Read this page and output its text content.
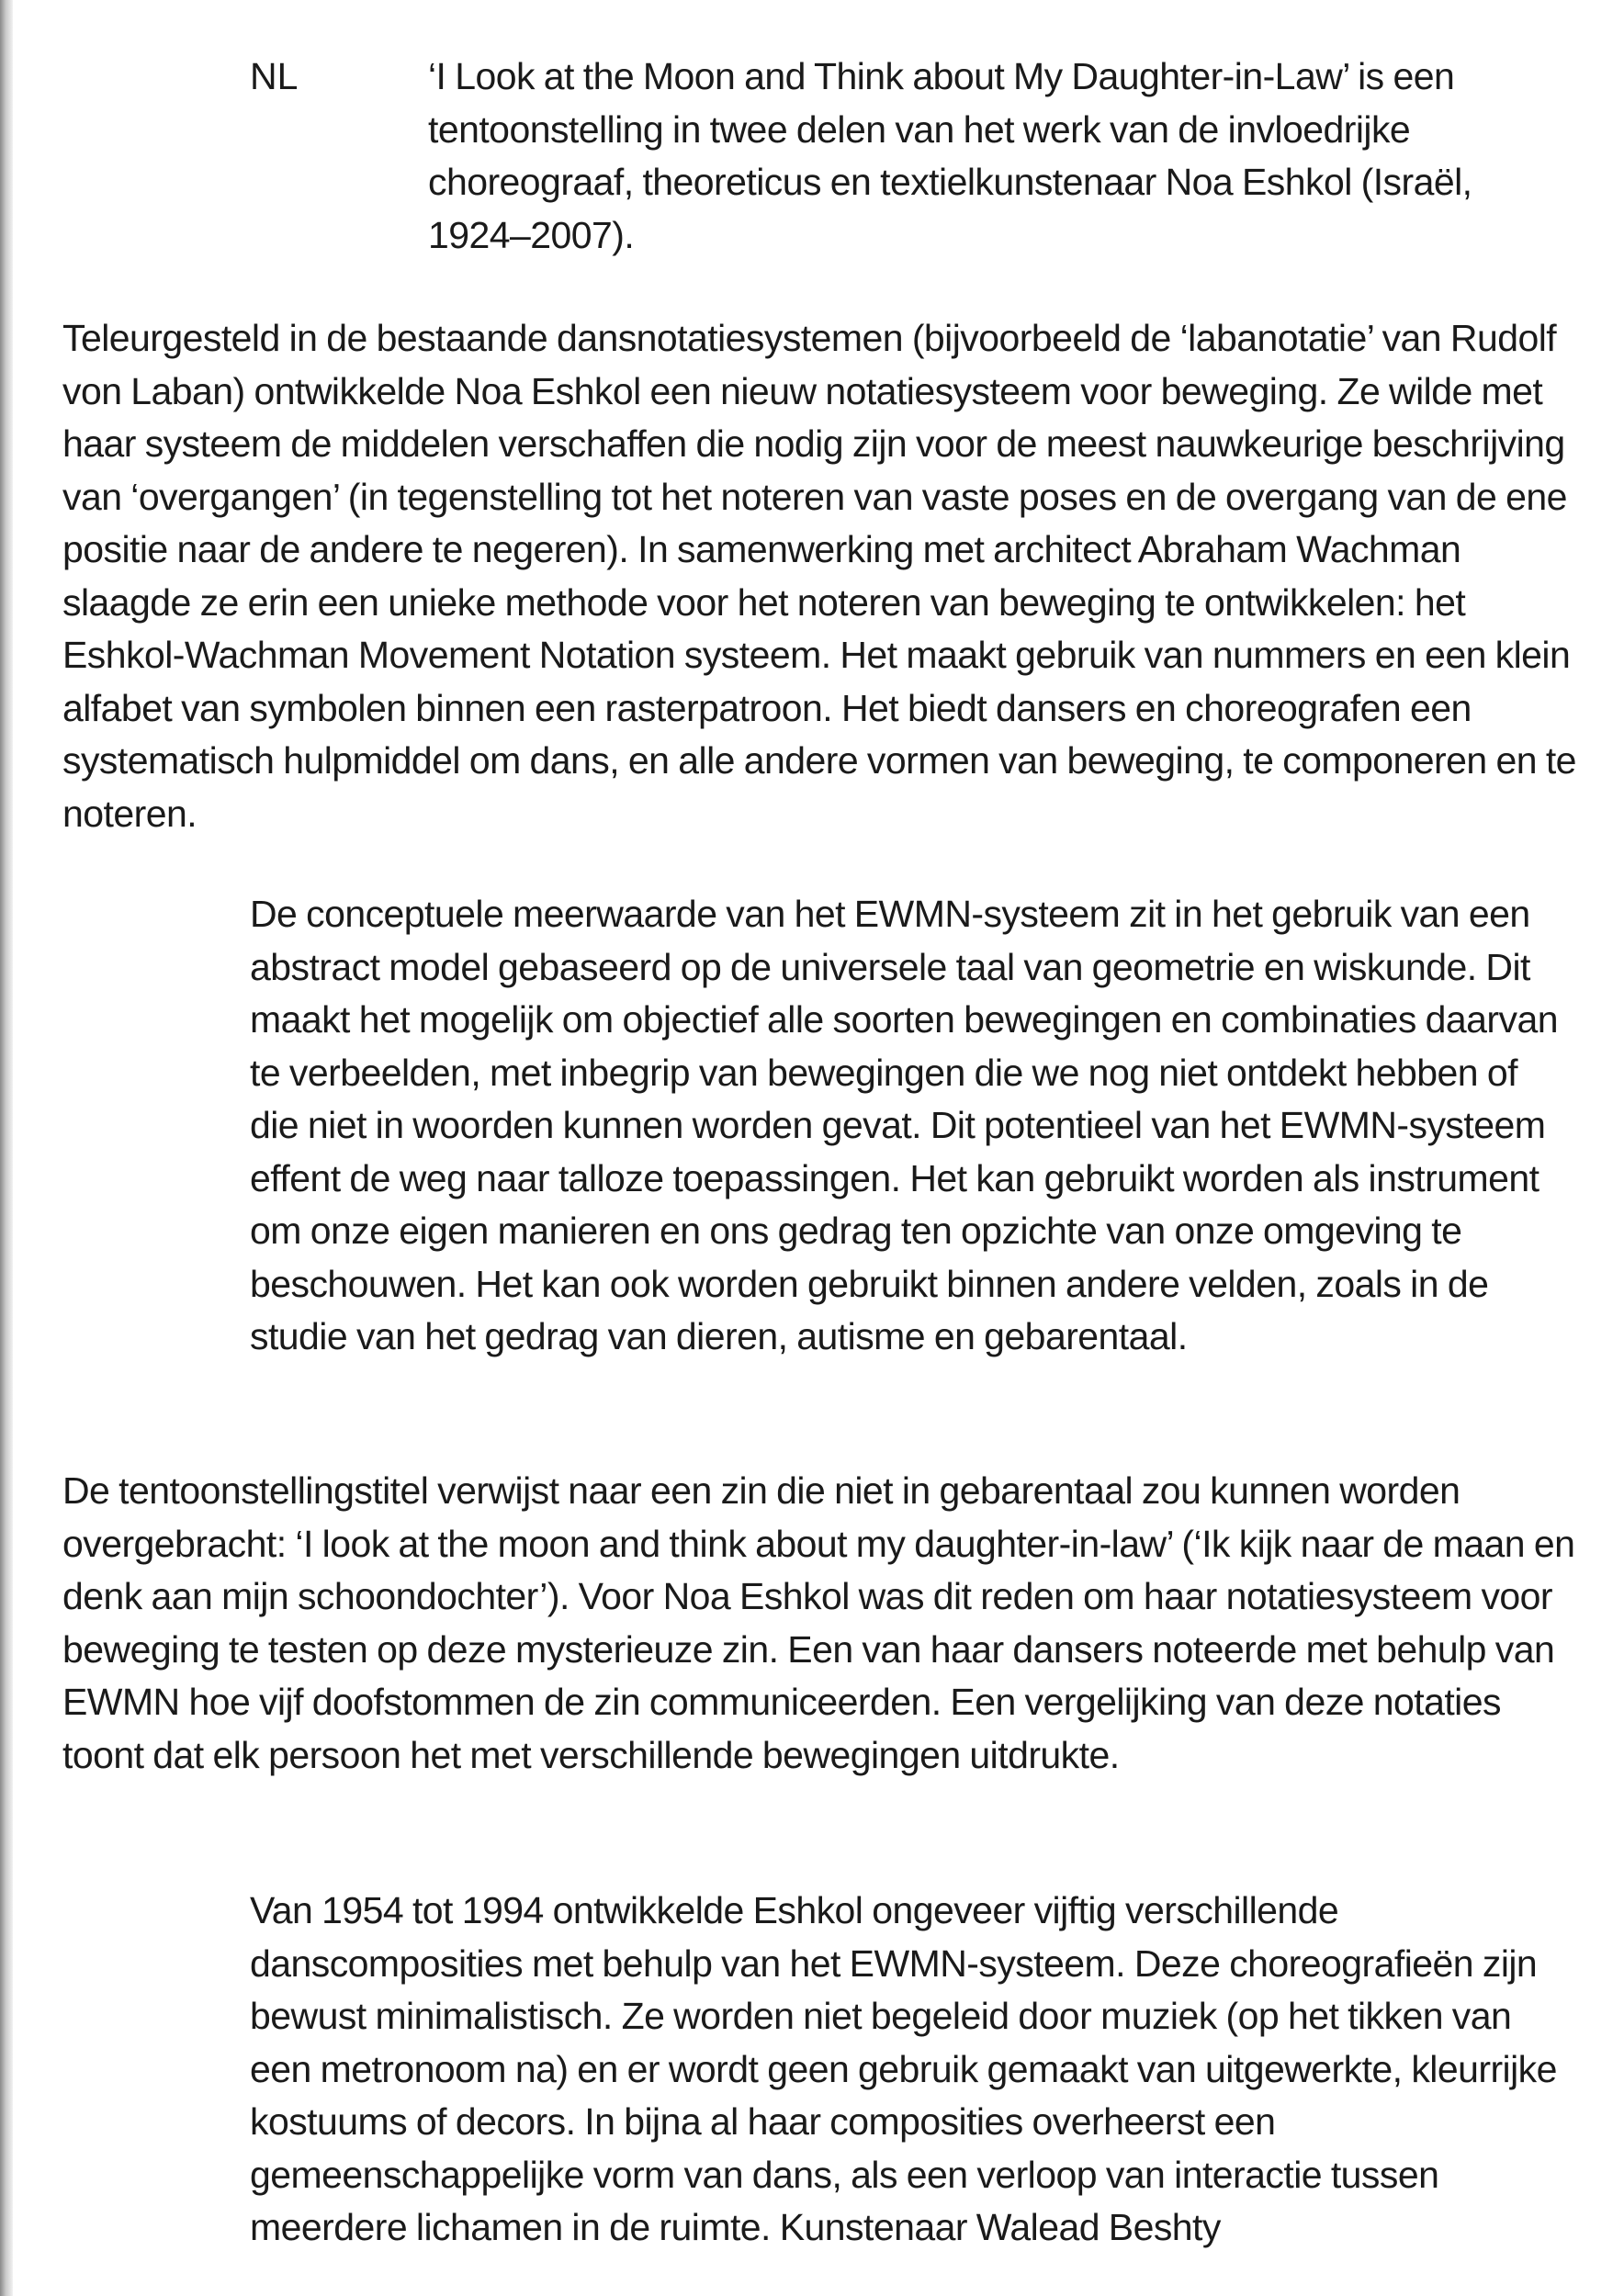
NL	‘I Look at the Moon and Think about My Daughter-in-Law’ is een tentoonstelling in twee delen van het werk van de invloedrijke choreograaf, theoreticus en textielkunstenaar Noa Eshkol (Israël, 1924–2007).

Teleurgesteld in de bestaande dansnotatiesystemen (bijvoorbeeld de ‘labanotatie’ van Rudolf von Laban) ontwikkelde Noa Eshkol een nieuw notatiesysteem voor beweging. Ze wilde met haar systeem de middelen verschaffen die nodig zijn voor de meest nauwkeurige beschrijving van ‘overgangen’ (in tegenstelling tot het noteren van vaste poses en de overgang van de ene positie naar de andere te negeren). In samenwerking met architect Abraham Wachman slaagde ze erin een unieke methode voor het noteren van beweging te ontwikkelen: het Eshkol-Wachman Movement Notation systeem. Het maakt gebruik van nummers en een klein alfabet van symbolen binnen een rasterpatroon. Het biedt dansers en choreografen een systematisch hulpmiddel om dans, en alle andere vormen van beweging, te componeren en te noteren.

De conceptuele meerwaarde van het EWMN-systeem zit in het gebruik van een abstract model gebaseerd op de universele taal van geometrie en wiskunde. Dit maakt het mogelijk om objectief alle soorten bewegingen en combinaties daarvan te verbeelden, met inbegrip van bewegingen die we nog niet ontdekt hebben of die niet in woorden kunnen worden gevat. Dit potentieel van het EWMN-systeem effent de weg naar talloze toepassingen. Het kan gebruikt worden als instrument om onze eigen manieren en ons gedrag ten opzichte van onze omgeving te beschouwen. Het kan ook worden gebruikt binnen andere velden, zoals in de studie van het gedrag van dieren, autisme en gebarentaal.

De tentoonstellingstitel verwijst naar een zin die niet in gebarentaal zou kunnen worden overgebracht: ‘I look at the moon and think about my daughter-in-law’ (‘Ik kijk naar de maan en denk aan mijn schoondochter’). Voor Noa Eshkol was dit reden om haar notatiesysteem voor beweging te testen op deze mysterieuze zin. Een van haar dansers noteerde met behulp van EWMN hoe vijf doofstommen de zin communiceerden. Een vergelijking van deze notaties toont dat elk persoon het met verschillende bewegingen uitdrukte.

Van 1954 tot 1994 ontwikkelde Eshkol ongeveer vijftig verschillende danscomposities met behulp van het EWMN-systeem. Deze choreografieën zijn bewust minimalistisch. Ze worden niet begeleid door muziek (op het tikken van een metronoom na) en er wordt geen gebruik gemaakt van uitgewerkte, kleurrijke kostuums of decors. In bijna al haar composities overheerst een gemeenschappelijke vorm van dans, als een verloop van interactie tussen meerdere lichamen in de ruimte. Kunstenaar Walead Beshty
